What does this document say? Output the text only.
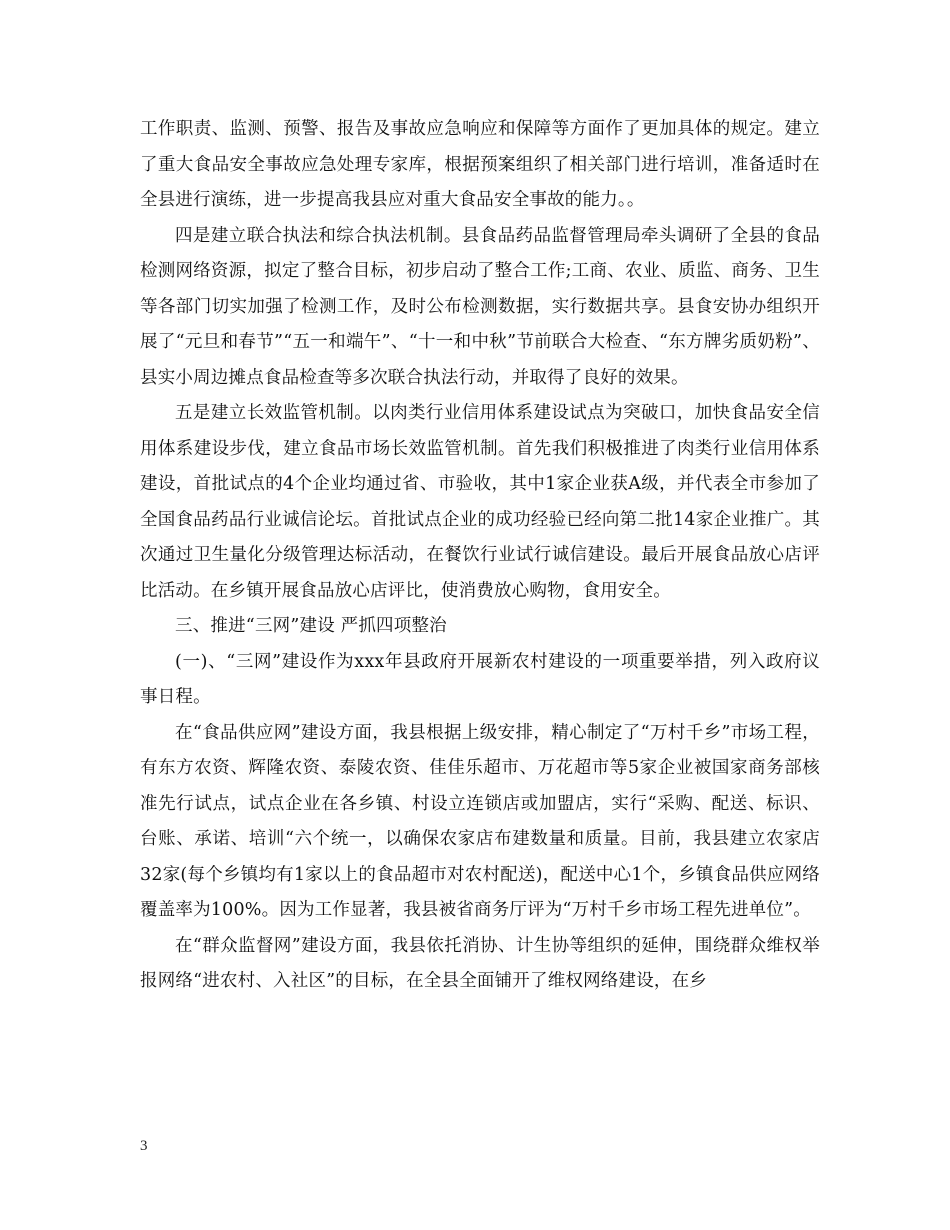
工作职责、监测、预警、报告及事故应急响应和保障等方面作了更加具体的规定。建立了重大食品安全事故应急处理专家库，根据预案组织了相关部门进行培训，准备适时在全县进行演练，进一步提高我县应对重大食品安全事故的能力。。

四是建立联合执法和综合执法机制。县食品药品监督管理局牵头调研了全县的食品检测网络资源，拟定了整合目标，初步启动了整合工作;工商、农业、质监、商务、卫生等各部门切实加强了检测工作，及时公布检测数据，实行数据共享。县食安协办组织开展了“元旦和春节”“五一和端午”、“十一和中秋”节前联合大检查、“东方牌劣质奶粉”、县实小周边摊点食品检查等多次联合执法行动，并取得了良好的效果。

五是建立长效监管机制。以肉类行业信用体系建设试点为突破口，加快食品安全信用体系建设步伐，建立食品市场长效监管机制。首先我们积极推进了肉类行业信用体系建设，首批试点的4个企业均通过省、市验收，其中1家企业获A级，并代表全市参加了全国食品药品行业诚信论坛。首批试点企业的成功经验已经向第二批14家企业推广。其次通过卫生量化分级管理达标活动，在餐饮行业试行诚信建设。最后开展食品放心店评比活动。在乡镇开展食品放心店评比，使消费放心购物，食用安全。

三、推进“三网”建设 严抓四项整治

(一)、“三网”建设作为xxx年县政府开展新农村建设的一项重要举措，列入政府议事日程。

在“食品供应网”建设方面，我县根据上级安排，精心制定了“万村千乡”市场工程，有东方农资、辉隆农资、泰陵农资、佳佳乐超市、万花超市等5家企业被国家商务部核准先行试点，试点企业在各乡镇、村设立连锁店或加盟店，实行“采购、配送、标识、台账、承诺、培训“六个统一，以确保农家店布建数量和质量。目前，我县建立农家店32家(每个乡镇均有1家以上的食品超市对农村配送)，配送中心1个，乡镇食品供应网络覆盖率为100%。因为工作显著，我县被省商务厅评为“万村千乡市场工程先进单位”。

在“群众监督网”建设方面，我县依托消协、计生协等组织的延伸，围绕群众维权举报网络“进农村、入社区”的目标，在全县全面铺开了维权网络建设，在乡

3
